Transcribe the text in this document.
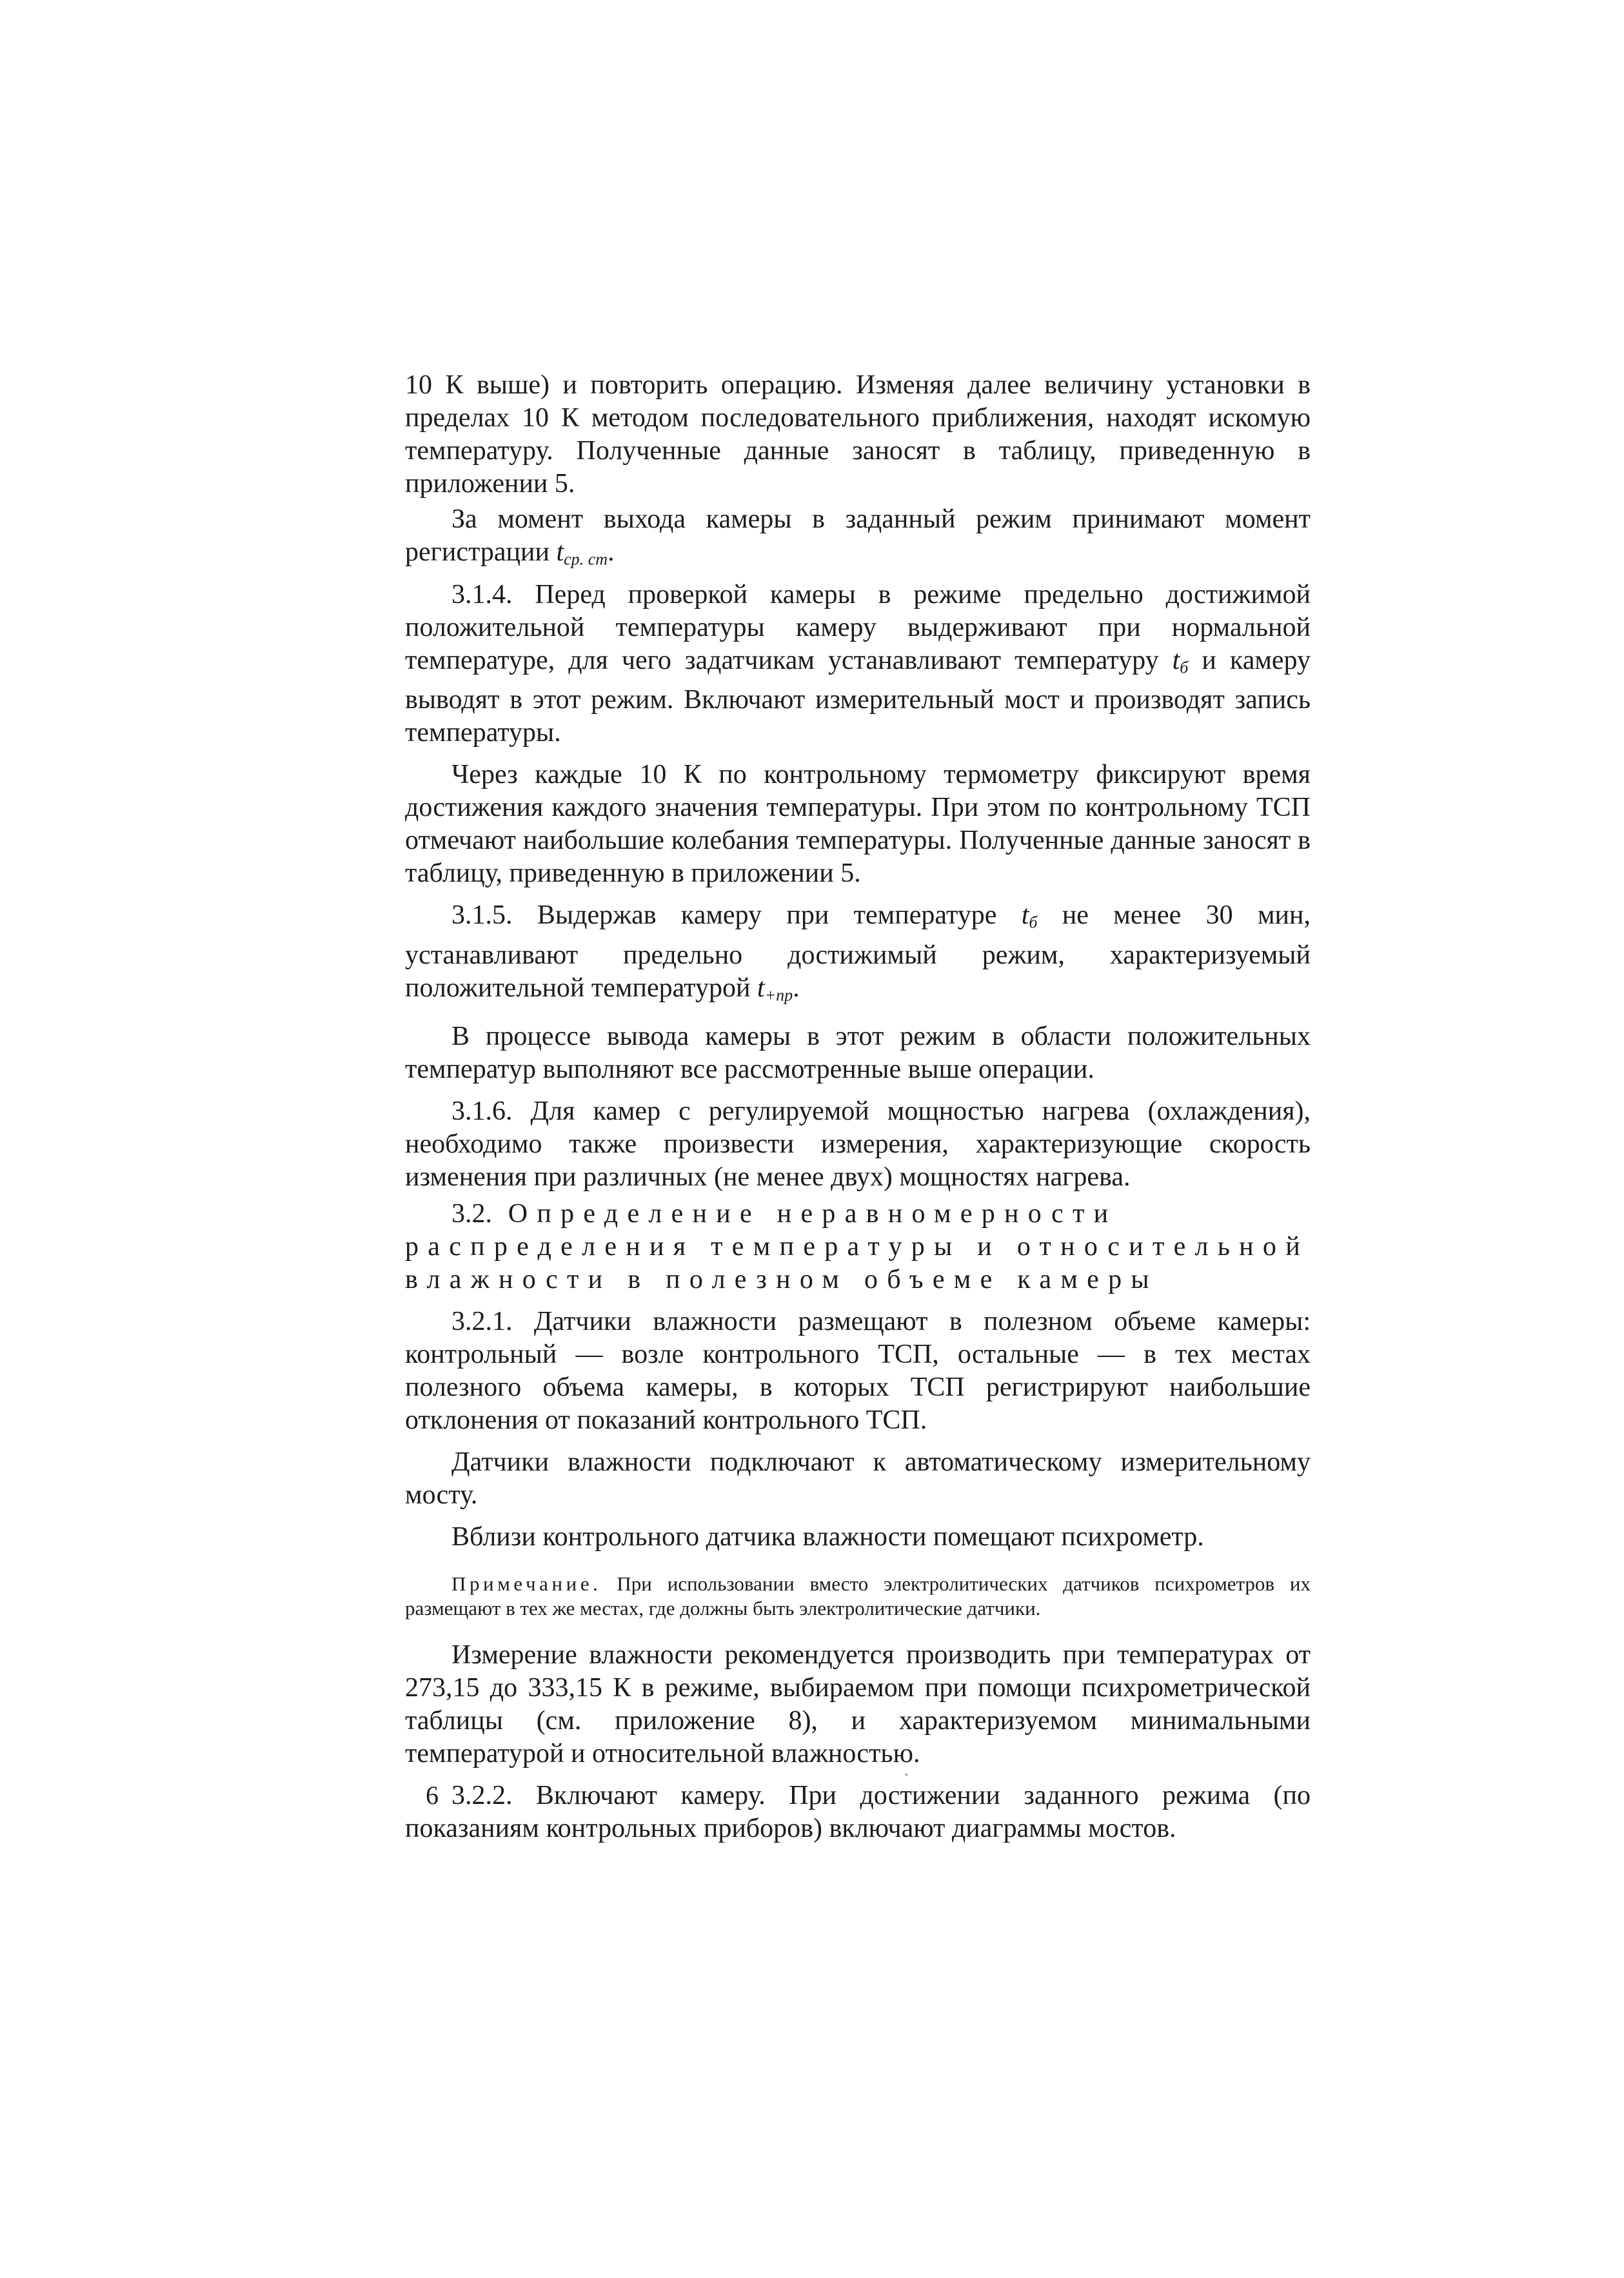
10 К выше) и повторить операцию. Изменяя далее величину установки в пределах 10 К методом последовательного приближения, находят искомую температуру. Полученные данные заносят в таблицу, приведенную в приложении 5.

За момент выхода камеры в заданный режим принимают момент регистрации $t_{ср. ст}$.

3.1.4. Перед проверкой камеры в режиме предельно достижимой положительной температуры камеру выдерживают при нормальной температуре, для чего задатчикам устанавливают температуру $t_б$ и камеру выводят в этот режим. Включают измерительный мост и производят запись температуры.

Через каждые 10 К по контрольному термометру фиксируют время достижения каждого значения температуры. При этом по контрольному ТСП отмечают наибольшие колебания температуры. Полученные данные заносят в таблицу, приведенную в приложении 5.

3.1.5. Выдержав камеру при температуре $t_б$ не менее 30 мин, устанавливают предельно достижимый режим, характеризуемый положительной температурой $t_{+пр}$.

В процессе вывода камеры в этот режим в области положительных температур выполняют все рассмотренные выше операции.

3.1.6. Для камер с регулируемой мощностью нагрева (охлаждения), необходимо также произвести измерения, характеризующие скорость изменения при различных (не менее двух) мощностях нагрева.

3.2. Определение неравномерности распределения температуры и относительной влажности в полезном объеме камеры

3.2.1. Датчики влажности размещают в полезном объеме камеры: контрольный — возле контрольного ТСП, остальные — в тех местах полезного объема камеры, в которых ТСП регистрируют наибольшие отклонения от показаний контрольного ТСП.

Датчики влажности подключают к автоматическому измерительному мосту.

Вблизи контрольного датчика влажности помещают психрометр.

Примечание. При использовании вместо электролитических датчиков психрометров их размещают в тех же местах, где должны быть электролитические датчики.

Измерение влажности рекомендуется производить при температурах от 273,15 до 333,15 К в режиме, выбираемом при помощи психрометрической таблицы (см. приложение 8), и характеризуемом минимальными температурой и относительной влажностью.

3.2.2. Включают камеру. При достижении заданного режима (по показаниям контрольных приборов) включают диаграммы мостов.

6
